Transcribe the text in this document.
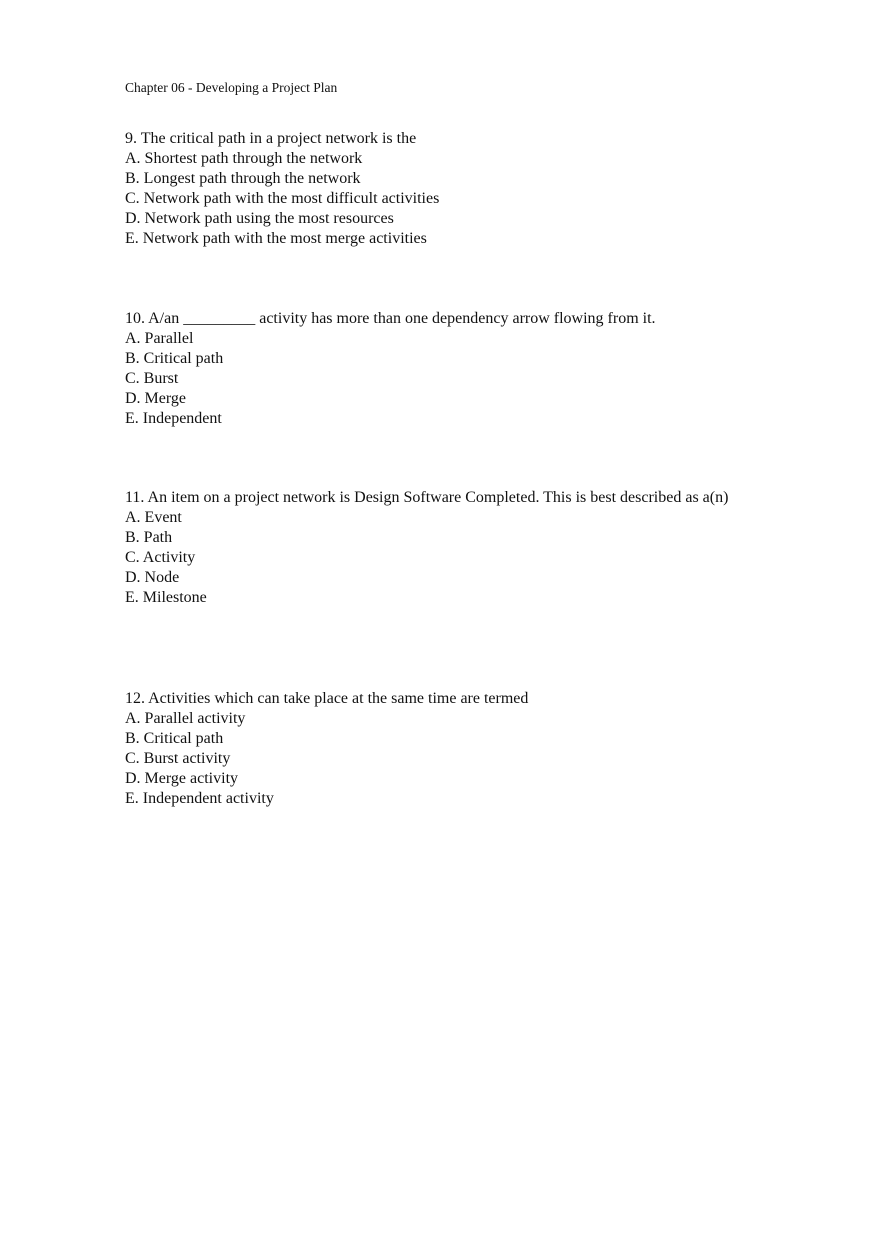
Chapter 06 - Developing a Project Plan
9. The critical path in a project network is the
A. Shortest path through the network
B. Longest path through the network
C. Network path with the most difficult activities
D. Network path using the most resources
E. Network path with the most merge activities
10. A/an _________ activity has more than one dependency arrow flowing from it.
A. Parallel
B. Critical path
C. Burst
D. Merge
E. Independent
11. An item on a project network is Design Software Completed. This is best described as a(n)
A. Event
B. Path
C. Activity
D. Node
E. Milestone
12. Activities which can take place at the same time are termed
A. Parallel activity
B. Critical path
C. Burst activity
D. Merge activity
E. Independent activity
